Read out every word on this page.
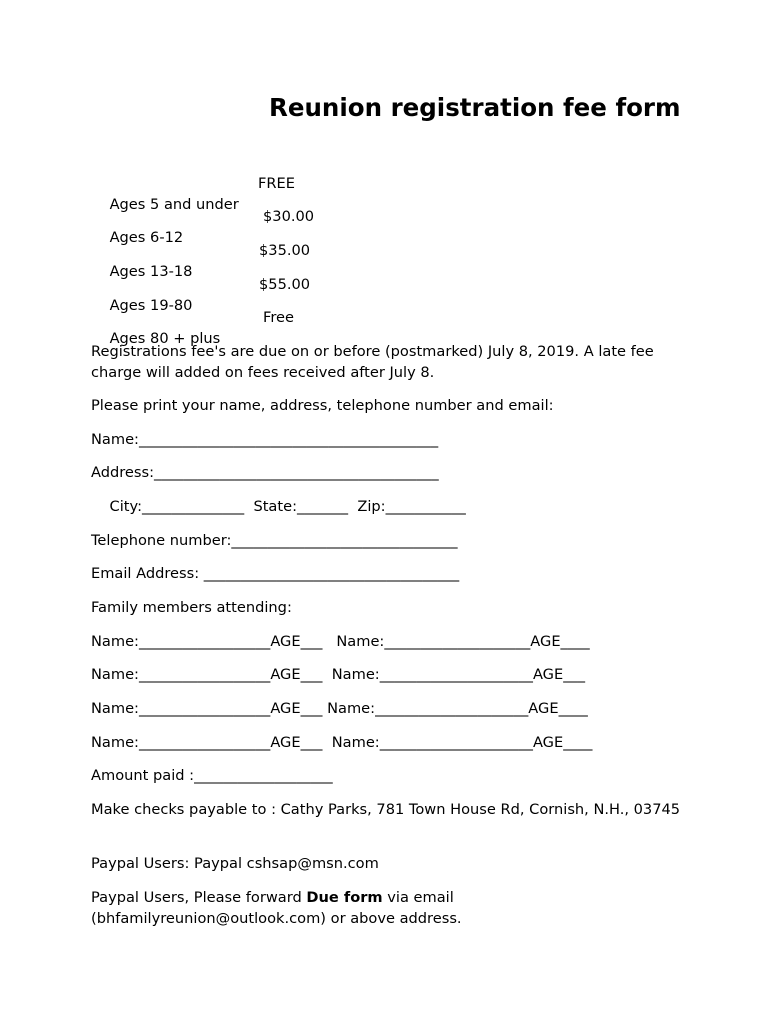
Reunion registration fee form

Ages 5 and under

FREE

Ages 6-12

$30.00

Ages 13-18

$35.00

Ages 19-80

$55.00

Ages 80 + plus

Free

Registrations fee's are due on or before (postmarked) July 8, 2019. A late fee charge will added on fees received after July 8.

Please print your name, address, telephone number and email:
Name:_________________________________________
Address:_______________________________________
City:______________  State:_______  Zip:___________
Telephone number:_______________________________
Email Address: ___________________________________
Family members attending:
Name:__________________AGE___   Name:____________________AGE____
Name:__________________AGE___  Name:_____________________AGE___
Name:__________________AGE___ Name:_____________________AGE____
Name:__________________AGE___  Name:_____________________AGE____
Amount paid :___________________

Make checks payable to : Cathy Parks, 781 Town House Rd, Cornish, N.H., 03745

Paypal Users: Paypal cshsap@msn.com

Paypal Users, Please forward Due form via email (bhfamilyreunion@outlook.com) or above address.
